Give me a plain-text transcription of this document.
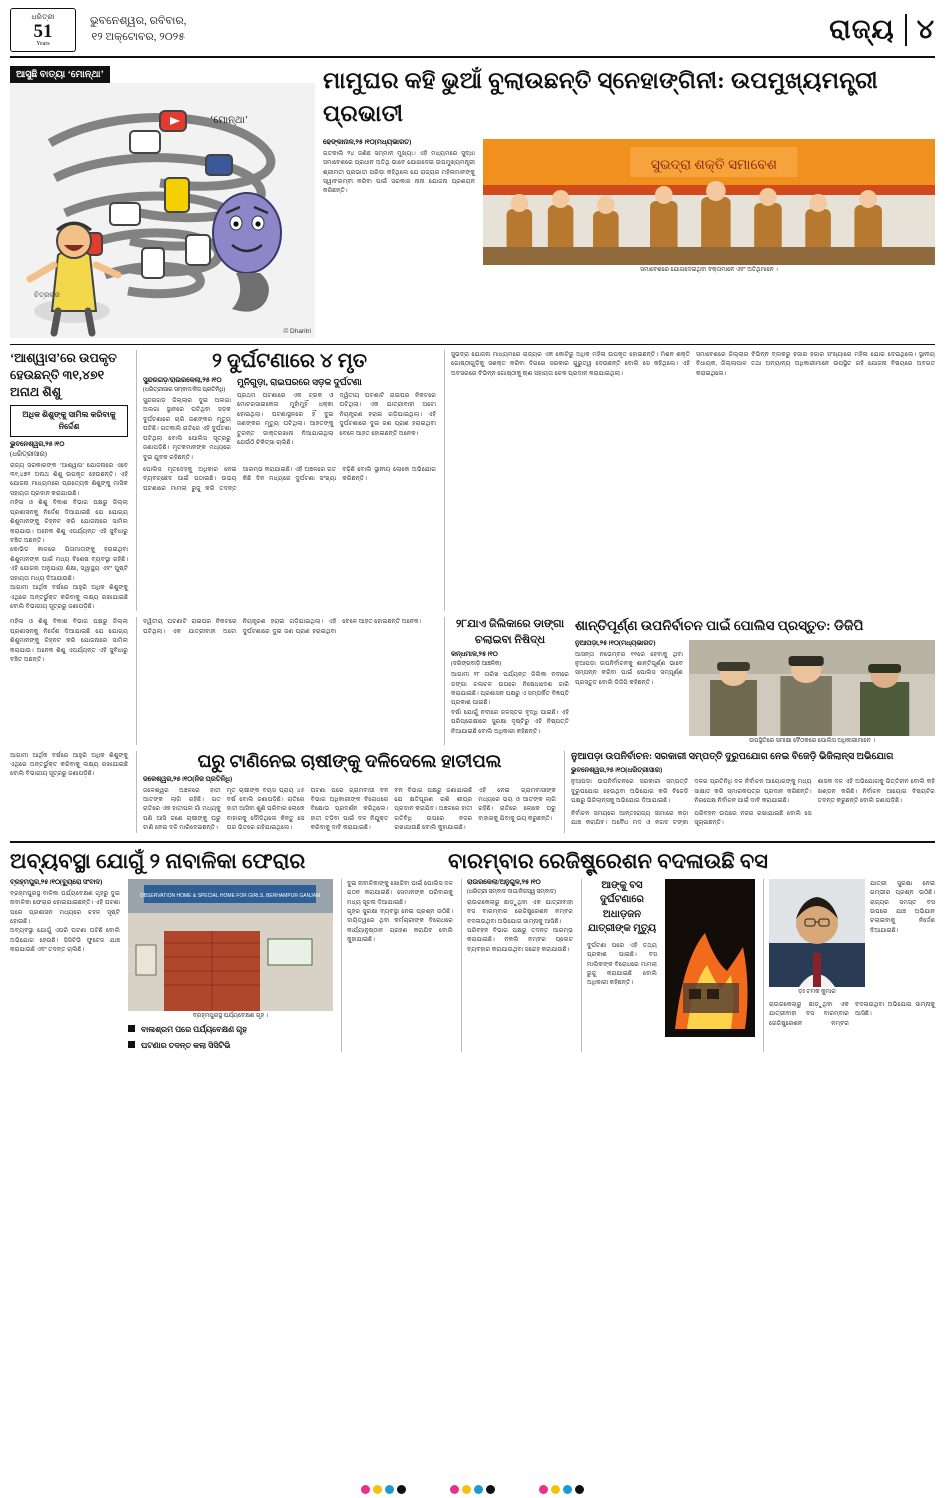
ଧରିତ୍ରୀ
51
Years
ଭୁବନେଶ୍ୱର, ରବିବାର,
୧୨ ଅକ୍ଟୋବର, ୨୦୨୫	ରାଜ୍ୟ ୪
ଆସୁଛି ବାତ୍ୟା ‘ମୋନ୍‌ଥା’
‘ମୋନ୍‌ଥା’
ଚିତ୍ରକର
© Dharitri
ମାମୁଘର କହି ଭୁଆଁ ବୁଲାଉଛନ୍ତି ସ୍ନେହାଙ୍ଗିନୀ: ଉପମୁଖ୍ୟମନ୍ତ୍ରୀ ପ୍ରଭାତୀ
ଢେଙ୍କାନାଳ,୨୫।୧୦(ମଧ୍ୟଭାରତ)
ଗତକାଲି ୨୪ ଜଣିଛ ସମ୍ମାନ ମୁଖ୍ୟା। ଏହି ମଧ୍ୟମରେ ସୁଦ୍ଧା ସମାବେଶରେ ପ୍ରଧାନ ଅତିଥି ଭାବେ ଯୋଗଦେଇ ଉପମୁଖ୍ୟମନ୍ତ୍ରୀ ଶ୍ରୀମତୀ ପ୍ରଭାତୀ ପରିଡ଼ା କହିଥିଲେ ଯେ ରାଜ୍ୟର ମହିଳାମାନଙ୍କୁ ସ୍ୱାବଲମ୍ବୀ କରିବା ପାଇଁ ସରକାର ନାନା ଯୋଜନା ପ୍ରଣୟନ କରିଛନ୍ତି।
ସୁଭଦ୍ରା ଶକ୍ତି ସମାବେଶ
ସମାବେଶରେ ଯୋଗଦେଇଥିବା ବକ୍ତାମାନେ ଏବଂ ଅତିଥିମାନେ ।
‘ଆଶ୍ୱାସ’ରେ ଉପକୃତ ହେଉଛନ୍ତି ୩୧,୪୭୧ ଅନାଥ ଶିଶୁ
ଅଧିକ ଶିଶୁଙ୍କୁ ସାମିଲ କରିବାକୁ ନିର୍ଦ୍ଦେଶ
ଭୁବନେଶ୍ୱର,୨୫।୧୦
(ଧରିତ୍ରୀସାର)
ରାଜ୍ୟ ସରକାରଙ୍କ ‘ଆଶ୍ୱାସ’ ଯୋଜନାରେ ଏବେ ୩୧,୪୭୧ ଅନାଥ ଶିଶୁ ଉପକୃତ ହେଉଛନ୍ତି। ଏହି ଯୋଜନା ମାଧ୍ୟମରେ ପ୍ରତ୍ୟେକ ଶିଶୁଙ୍କୁ ମାସିକ ସହାୟତା ପ୍ରଦାନ କରାଯାଉଛି।
ମହିଳା ଓ ଶିଶୁ ବିକାଶ ବିଭାଗ ପକ୍ଷରୁ ଜିଲ୍ଲା ପ୍ରଶାସନକୁ ନିର୍ଦ୍ଦେଶ ଦିଆଯାଇଛି ଯେ ଯୋଗ୍ୟ ଶିଶୁମାନଙ୍କୁ ଚିହ୍ନଟ କରି ଯୋଜନାରେ ସାମିଲ କରାଯାଉ। ଅନେକ ଶିଶୁ ଏପର୍ଯ୍ୟନ୍ତ ଏହି ସୁବିଧାରୁ ବଞ୍ଚିତ ଅଛନ୍ତି।
କୋଭିଡ କାଳରେ ପିତାମାତାଙ୍କୁ ହରାଇଥିବା ଶିଶୁମାନଙ୍କ ପାଇଁ ମଧ୍ୟ ବିଶେଷ ବ୍ୟବସ୍ଥା ରହିଛି। ଏହି ଯୋଜନା ଅନୁଯାୟୀ ଶିକ୍ଷା, ସ୍ୱାସ୍ଥ୍ୟ ଏବଂ ପୁଷ୍ଟି ସହାୟତା ମଧ୍ୟ ଦିଆଯାଉଛି।
ଆଗାମୀ ଆର୍ଥିକ ବର୍ଷରେ ଆହୁରି ଅଧିକ ଶିଶୁଙ୍କୁ ଏଥିରେ ଅନ୍ତର୍ଭୁକ୍ତ କରିବାକୁ ଲକ୍ଷ୍ୟ ରଖାଯାଇଛି ବୋଲି ବିଭାଗୀୟ ସୂତ୍ରରୁ ଜଣାପଡ଼ିଛି।
୨ ଦୁର୍ଘଟଣାରେ ୪ ମୃତ
ସୁନ୍ଦରଗଡ଼/ରାଉରକେଲା,୨୫।୧୦
(ଧରିତ୍ରୀସାର ସମ୍ବାଦ/ନିଜ ପ୍ରତିନିଧି)
ସୁନ୍ଦରଗଡ଼ ଜିଲ୍ଲାର ଦୁଇ ଅଲଗା ଅଲଗା ସ୍ଥାନରେ ଘଟିଥିବା ସଡ଼କ ଦୁର୍ଘଟଣାରେ ଚାରି ଜଣଙ୍କର ମୃତ୍ୟୁ ଘଟିଛି। ଗତକାଲି ରାତିରେ ଏହି ଦୁର୍ଘଟଣା ଘଟିଥିଲା ବୋଲି ପୋଲିସ ସୂତ୍ରରୁ ଜଣାପଡ଼ିଛି। ମୃତକମାନଙ୍କ ମଧ୍ୟରେ ଦୁଇ ଯୁବକ ରହିଛନ୍ତି।
ମୁନିଗୁଡ଼ା, ରାଇଘରରେ ସଡ଼କ ଦୁର୍ଘଟଣା
ପ୍ରଥମ ଘଟଣାରେ ଏକ ଟ୍ରକ ଓ ମୋଟରସାଇକେଲ ମୁହାଁମୁହିଁ ଧକ୍କା ହୋଇଥିଲା। ଘଟଣାସ୍ଥଳରେ ହିଁ ଦୁଇ ଜଣଙ୍କର ମୃତ୍ୟୁ ଘଟିଥିଲା। ଆହତଙ୍କୁ ତୁରନ୍ତ ଡାକ୍ତରଖାନା ନିଆଯାଇଥିଲା ଯେଉଁଠି ଚିକିତ୍ସା ଚାଲିଛି।
ଦ୍ୱିତୀୟ ଘଟଣାଟି ରାଇଘର ନିକଟରେ ଘଟିଥିଲା। ଏକ ଯାତ୍ରୀବାହୀ ଅଟୋ ନିୟନ୍ତ୍ରଣ ହରାଇ ଗଡ଼ିଯାଇଥିଲା। ଏହି ଦୁର୍ଘଟଣାରେ ଦୁଇ ଜଣ ପ୍ରାଣ ହରାଇଥିବା ବେଳେ ଆହତ ହୋଇଛନ୍ତି ଅନେକ।
ପୋଲିସ ମୃତଦେହକୁ ଅଧିକାର ନେଇ ବ୍ୟବଚ୍ଛେଦ ପାଇଁ ପଠାଇଛି। ଉଭୟ ଘଟଣାରେ ମାମଲା ରୁଜୁ କରି ତଦନ୍ତ ଆରମ୍ଭ କରାଯାଇଛି। ଏହି ଅଞ୍ଚଳରେ ଗତ କିଛି ଦିନ ମଧ୍ୟରେ ଦୁର୍ଘଟଣା ସଂଖ୍ୟା ବଢ଼ିଛି ବୋଲି ସ୍ଥାନୀୟ ଲୋକେ ଅଭିଯୋଗ କରିଛନ୍ତି।
ସୁଭଦ୍ରା ଯୋଜନା ମାଧ୍ୟମରେ ରାଜ୍ୟର ଏକ କୋଟିରୁ ଅଧିକ ମହିଳା ଉପକୃତ ହୋଇଛନ୍ତି। ମିଶନ ଶକ୍ତି ଗୋଷ୍ଠୀଗୁଡ଼ିକୁ ସଶକ୍ତ କରିବା ଦିଗରେ ସରକାର ଗୁରୁତ୍ୱ ଦେଉଛନ୍ତି ବୋଲି ସେ କହିଥିଲେ। ଏହି ଅବସରରେ ବିଭିନ୍ନ ଗୋଷ୍ଠୀକୁ ଋଣ ସହାୟତା ଚେକ ପ୍ରଦାନ କରାଯାଇଥିଲା।
ସମାବେଶରେ ଜିଲ୍ଲାର ବିଭିନ୍ନ ବ୍ଲକରୁ ହଜାର ହଜାର ସଂଖ୍ୟାରେ ମହିଳା ଯୋଗ ଦେଇଥିଲେ। ସ୍ଥାନୀୟ ବିଧାୟକ, ଜିଲ୍ଲାପାଳ ତଥା ଅନ୍ୟାନ୍ୟ ଅଧିକାରୀମାନେ ଉପସ୍ଥିତ ରହି ଯୋଜନା ବିଷୟରେ ଅବଗତ କରାଇଥିଲେ।
ମହିଳା ଓ ଶିଶୁ ବିକାଶ ବିଭାଗ ପକ୍ଷରୁ ଜିଲ୍ଲା ପ୍ରଶାସନକୁ ନିର୍ଦ୍ଦେଶ ଦିଆଯାଇଛି ଯେ ଯୋଗ୍ୟ ଶିଶୁମାନଙ୍କୁ ଚିହ୍ନଟ କରି ଯୋଜନାରେ ସାମିଲ କରାଯାଉ। ଅନେକ ଶିଶୁ ଏପର୍ଯ୍ୟନ୍ତ ଏହି ସୁବିଧାରୁ ବଞ୍ଚିତ ଅଛନ୍ତି।
ଦ୍ୱିତୀୟ ଘଟଣାଟି ରାଇଘର ନିକଟରେ ଘଟିଥିଲା। ଏକ ଯାତ୍ରୀବାହୀ ଅଟୋ ନିୟନ୍ତ୍ରଣ ହରାଇ ଗଡ଼ିଯାଇଥିଲା। ଏହି ଦୁର୍ଘଟଣାରେ ଦୁଇ ଜଣ ପ୍ରାଣ ହରାଇଥିବା ବେଳେ ଆହତ ହୋଇଛନ୍ତି ଅନେକ।	୨୮ଯାଏ ଜିଲିକାରେ ଡାଙ୍ଗା ଚଲାଇବା ନିଷିଦ୍ଧ
କନ୍ଧମାଳ,୨୫।୧୦
(ଦରିଙ୍ଗବାଡ଼ି ଆଞ୍ଚଳିକ)
ଆଗାମୀ ୨୮ ତାରିଖ ପର୍ଯ୍ୟନ୍ତ ଜିଲିକା ନଦୀରେ ଡଙ୍ଗା ଚଳାଚଳ ଉପରେ ନିଷେଧାଦେଶ ଜାରି କରାଯାଇଛି। ପ୍ରଶାସନ ପକ୍ଷରୁ ଏ ସମ୍ପର୍କିତ ବିଜ୍ଞପ୍ତି ପ୍ରକାଶ ପାଇଛି।
ବର୍ଷା ଯୋଗୁଁ ନଦୀରେ ଜଳସ୍ତର ବୃଦ୍ଧି ପାଇଛି। ଏହି ପରିପ୍ରେକ୍ଷୀରେ ସୁରକ୍ଷା ଦୃଷ୍ଟିରୁ ଏହି ନିଷ୍ପତ୍ତି ନିଆଯାଇଛି ବୋଲି ଅଧିକାରୀ କହିଛନ୍ତି।
ଶାନ୍ତିପୂର୍ଣ୍ଣ ଉପନିର୍ବାଚନ ପାଇଁ ପୋଲିସ ପ୍ରସ୍ତୁତ: ଡିଜିପି
ନୁଆପଡ଼ା,୨୫।୧୦(ମଧ୍ୟଭାରତ)
ଆସନ୍ତା ନଭେମ୍ବର ୧୧ରେ ହେବାକୁ ଥିବା ନୁଆପଡ଼ା ଉପନିର୍ବାଚନକୁ ଶାନ୍ତିପୂର୍ଣ୍ଣ ଭାବେ ସମ୍ପନ୍ନ କରିବା ପାଇଁ ପୋଲିସ ସମ୍ପୂର୍ଣ୍ଣ ପ୍ରସ୍ତୁତ ବୋଲି ଡିଜିପି କହିଛନ୍ତି।
ଉପସ୍ଥିତିରେ ସମୀକ୍ଷା ବୈଠକରେ ପୋଲିସ ଅଧିକାରୀମାନେ ।
ଆଗାମୀ ଆର୍ଥିକ ବର୍ଷରେ ଆହୁରି ଅଧିକ ଶିଶୁଙ୍କୁ ଏଥିରେ ଅନ୍ତର୍ଭୁକ୍ତ କରିବାକୁ ଲକ୍ଷ୍ୟ ରଖାଯାଇଛି ବୋଲି ବିଭାଗୀୟ ସୂତ୍ରରୁ ଜଣାପଡ଼ିଛି।
ଘରୁ ଟାଣିନେଇ ଚାଷୀଙ୍କୁ ଦଳିଦେଲେ ହାତୀପଲ
ଜଳେଶ୍ୱର,୨୫।୧୦(ନିଜ ପ୍ରତିନିଧି)
ଜଳେଶ୍ୱର ଅଞ୍ଚଳରେ ହାତୀ ଆତଙ୍କ ଲାଗି ରହିଛି। ଗତ ରାତିରେ ଏକ ହାତୀପଲ ଗାଁ ମଧ୍ୟକୁ ପଶି ଆସି ଜଣେ ଚାଷୀଙ୍କୁ ଘରୁ ଟାଣି ନେଇ ଦଳି ମାରିଦେଇଛନ୍ତି।
ମୃତ ଚାଷୀଙ୍କ ବୟସ ପ୍ରାୟ ୪୫ ବର୍ଷ ବୋଲି ଜଣାପଡ଼ିଛି। ରାତିରେ ହାତୀ ଆସିବା ଶୁଣି ପରିବାର ଲୋକେ ବାହାରକୁ ଦୌଡ଼ିଥିଲେ କିନ୍ତୁ ସେ ଘର ଭିତରେ ରହିଯାଇଥିଲେ।
ଘଟଣା ପରେ ଗ୍ରାମବାସୀ ବନ ବିଭାଗ ଅଧିକାରୀଙ୍କ ବିରୋଧରେ ବିକ୍ଷୋଭ ପ୍ରଦର୍ଶନ କରିଥିଲେ। ହାତୀ ତଡ଼ିବା ପାଇଁ ଦଳ ନିଯୁକ୍ତ କରିବାକୁ ଦାବି କରାଯାଇଛି।
ବନ ବିଭାଗ ପକ୍ଷରୁ ଜଣାଯାଇଛି ଯେ କ୍ଷତିପୂରଣ ରାଶି ଶୀଘ୍ର ପ୍ରଦାନ କରାଯିବ। ଅଞ୍ଚଳରେ ହାତୀ ଗତିବିଧି ଉପରେ ନଜର ରଖାଯାଉଛି ବୋଲି କୁହାଯାଇଛି।
ଏହି ନେଇ ଗ୍ରାମବାସୀଙ୍କ ମଧ୍ୟରେ ଭୟ ଓ ଆତଙ୍କ ଲାଗି ରହିଛି। ରାତିରେ ଲୋକେ ଘରୁ ବାହାରକୁ ଯିବାକୁ ଭୟ କରୁଛନ୍ତି।
ନୁଆପଡ଼ା ଉପନିର୍ବାଚନ: ସରକାରୀ ସମ୍ପତ୍ତି ଦୁରୁପଯୋଗ ନେଇ ବିଜେଡ଼ି ଭିଜିଲାନ୍ସ ଅଭିଯୋଗ
ଭୁବନେଶ୍ୱର,୨୫।୧୦(ଧରିତ୍ରୀସାର)
ନୁଆପଡ଼ା ଉପନିର୍ବାଚନରେ ସରକାରୀ ସମ୍ପତ୍ତି ଦୁରୁପଯୋଗ ହେଉଥିବା ଅଭିଯୋଗ କରି ବିଜେଡ଼ି ପକ୍ଷରୁ ଭିଜିଲାନ୍ସକୁ ଅଭିଯୋଗ ଦିଆଯାଇଛି।
ଦଳର ପ୍ରତିନିଧି ଦଳ ନିର୍ବାଚନ ଆୟୋଗଙ୍କୁ ମଧ୍ୟ ସାକ୍ଷାତ କରି ସ୍ମାରକପତ୍ର ପ୍ରଦାନ କରିଛନ୍ତି। ନିରପେକ୍ଷ ନିର୍ବାଚନ ପାଇଁ ଦାବି କରାଯାଇଛି।
ଶାସକ ଦଳ ଏହି ଅଭିଯୋଗକୁ ଭିତ୍ତିହୀନ ବୋଲି କହି ଖଣ୍ଡନ କରିଛି। ନିର୍ବାଚନ ଆୟୋଗ ବିଷୟଟିର ତଦନ୍ତ କରୁଛନ୍ତି ବୋଲି ଜଣାପଡ଼ିଛି।
ନିର୍ବାଚନ ସମୟରେ ଆନ୍ତଃରାଜ୍ୟ ସୀମାରେ କଡ଼ା ଯାଞ୍ଚ କରାଯିବ। ଅବୈଧ ମଦ ଓ ନଗଦ ଟଙ୍କା ପରିବହନ ଉପରେ ନଜର ରଖାଯାଇଛି ବୋଲି ସେ ସୂଚାଇଛନ୍ତି।
ଅବ୍ୟବସ୍ଥା ଯୋଗୁଁ ୨ ନାବାଳିକା ଫେରାର	ବାରମ୍ବାର ରେଜିଷ୍ଟ୍ରେଶନ ବଦଳାଉଛି ବସ
ବ୍ରହ୍ମପୁର,୨୫।୧୦(ବ୍ୟୁରୋ ସଂବାଦ)
ବ୍ରହ୍ମପୁରସ୍ଥ ବାଳିକା ପର୍ଯ୍ୟବେକ୍ଷଣ ଗୃହରୁ ଦୁଇ ନାବାଳିକା ଫେରାର ହୋଇଯାଇଛନ୍ତି। ଏହି ଘଟଣା ପରେ ପ୍ରଶାସନ ମଧ୍ୟରେ ଚହଳ ସୃଷ୍ଟି ହୋଇଛି।
ଅବ୍ୟବସ୍ଥା ଯୋଗୁଁ ଏପରି ଘଟଣା ଘଟିଛି ବୋଲି ଅଭିଯୋଗ ହେଉଛି। ସିସିଟିଭି ଫୁଟେଜ ଯାଞ୍ଚ କରାଯାଉଛି ଏବଂ ତଦନ୍ତ ଚାଲିଛି।
OBSERVATION HOME & SPECIAL HOME FOR GIRLS, BERHAMPUR GANJAM
ବ୍ରହ୍ମପୁରସ୍ଥ ପର୍ଯ୍ୟବେକ୍ଷଣ ଗୃହ ।
ବାଳାଶ୍ରମ ପରେ ପର୍ଯ୍ୟବେକ୍ଷଣ ଗୃହ
ଘଟଣାର ତଦନ୍ତ କଲା ସିସିଟିଭି
ଦୁଇ ନାବାଳିକାଙ୍କୁ ଖୋଜିବା ପାଇଁ ପୋଲିସ ଦଳ ଗଠନ କରାଯାଇଛି। ସେମାନଙ୍କ ପରିବାରକୁ ମଧ୍ୟ ସୂଚନା ଦିଆଯାଇଛି।
ଗୃହର ସୁରକ୍ଷା ବ୍ୟବସ୍ଥା ନେଇ ପ୍ରଶ୍ନ ଉଠିଛି। ଦାୟିତ୍ୱରେ ଥିବା କର୍ମଚାରୀଙ୍କ ବିରୋଧରେ କାର୍ଯ୍ୟାନୁଷ୍ଠାନ ଗ୍ରହଣ କରାଯିବ ବୋଲି କୁହାଯାଇଛି।
ରାଉରକେଲା/ଅନୁଗୁଳ,୨୫।୧୦
(ଧରିତ୍ରୀ ସମ୍ବାଦ ଦାତା/ନିଜସ୍ୱ ସମ୍ବାଦ)
ରାଉରକେଲାରୁ ଛାଡ଼ୁଥିବା ଏକ ଯାତ୍ରୀବାହୀ ବସ ବାରମ୍ବାର ରେଜିଷ୍ଟ୍ରେଶନ ନମ୍ବର ବଦଳାଉଥିବା ଅଭିଯୋଗ ସାମ୍ନାକୁ ଆସିଛି।
ପରିବହନ ବିଭାଗ ପକ୍ଷରୁ ତଦନ୍ତ ଆରମ୍ଭ କରାଯାଇଛି। ନକଲି ନମ୍ବର ପ୍ଲେଟ ବ୍ୟବହାର କରାଯାଉଥିବା ସନ୍ଦେହ କରାଯାଉଛି।
ଆଙ୍କୁ ବସ ଦୁର୍ଘଟଣାରେ ଅଧାଡ଼ଜନ ଯାତ୍ରୀଙ୍କ ମୃତ୍ୟୁ
ଦୁର୍ଘଟଣା ପରେ ଏହି ତଥ୍ୟ ପ୍ରକାଶ ପାଇଛି। ବସ ମାଲିକଙ୍କ ବିରୋଧରେ ମାମଲା ରୁଜୁ କରାଯାଇଛି ବୋଲି ଅଧିକାରୀ କହିଛନ୍ତି।
ଡ଼ଃ ଟମକ କୁମାର
ଯାତ୍ରୀ ସୁରକ୍ଷା ନେଇ ଗମ୍ଭୀର ପ୍ରଶ୍ନ ଉଠିଛି। ରାଜ୍ୟର ସମସ୍ତ ବସ ଉପରେ ଯାଞ୍ଚ ଅଭିଯାନ ଚଲାଇବାକୁ ନିର୍ଦ୍ଦେଶ ଦିଆଯାଇଛି।
ରାଉରକେଲାରୁ ଛାଡ଼ୁଥିବା ଏକ ଯାତ୍ରୀବାହୀ ବସ ବାରମ୍ବାର ରେଜିଷ୍ଟ୍ରେଶନ ନମ୍ବର ବଦଳାଉଥିବା ଅଭିଯୋଗ ସାମ୍ନାକୁ ଆସିଛି।
